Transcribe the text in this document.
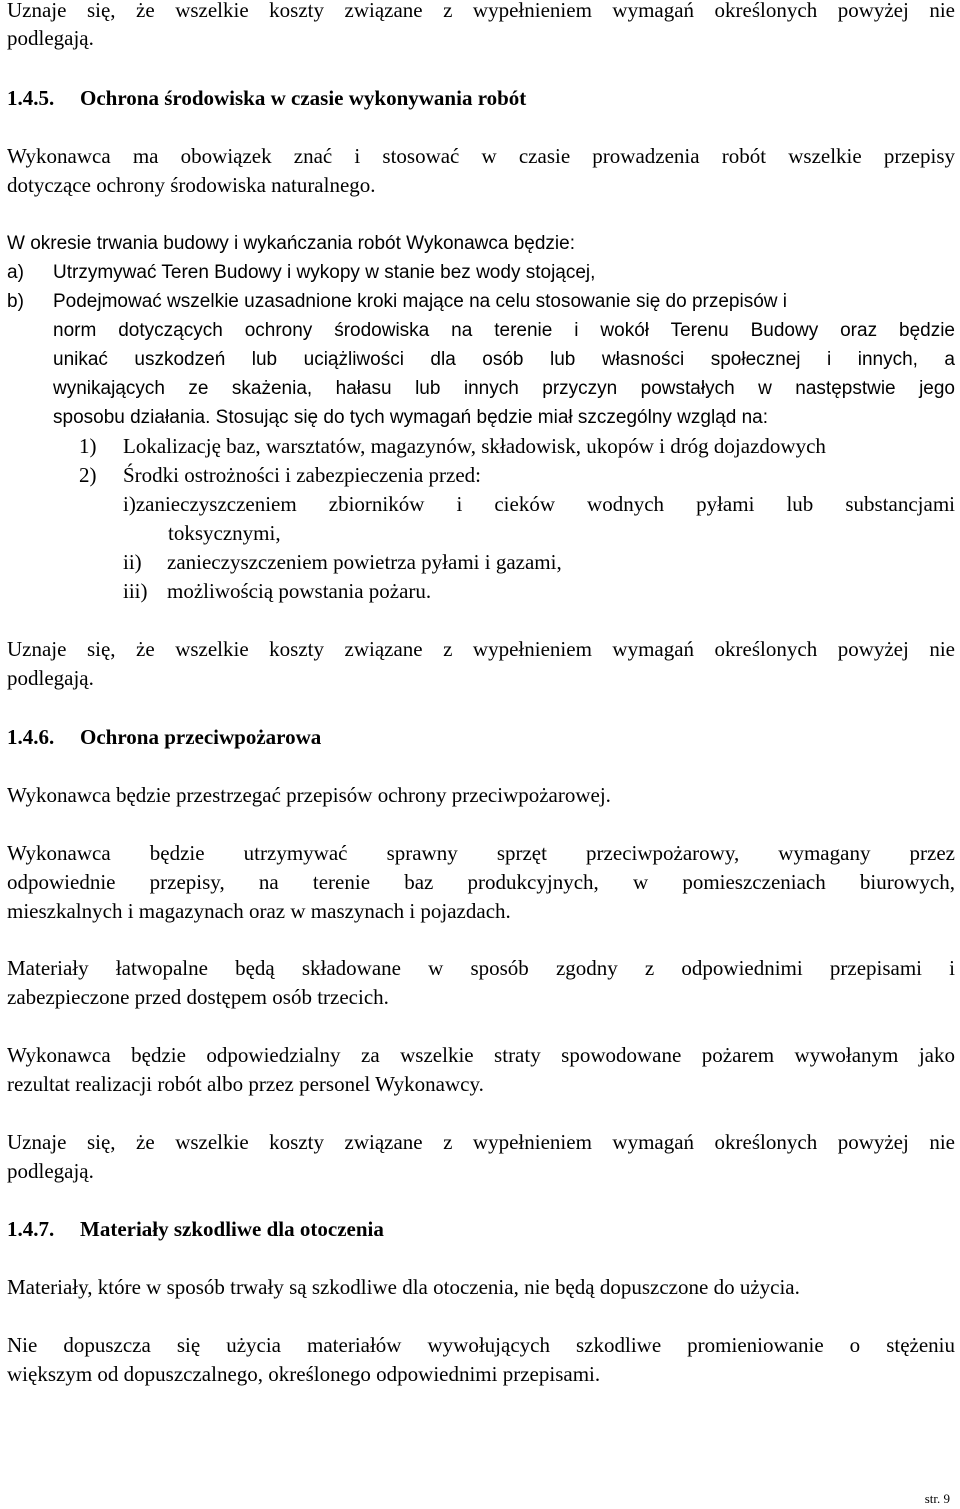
Uznaje się, że wszelkie koszty związane z wypełnieniem wymagań określonych powyżej nie
podlegają.
1.4.5. Ochrona środowiska w czasie wykonywania robót
Wykonawca ma obowiązek znać i stosować w czasie prowadzenia robót wszelkie przepisy
dotyczące ochrony środowiska naturalnego.
W okresie trwania budowy i wykańczania robót Wykonawca będzie:
a) Utrzymywać Teren Budowy i wykopy w stanie bez wody stojącej,
b) Podejmować wszelkie uzasadnione kroki mające na celu stosowanie się do przepisów i
norm dotyczących ochrony środowiska na terenie i wokół Terenu Budowy oraz będzie
unikać uszkodzeń lub uciążliwości dla osób lub własności społecznej i innych, a
wynikających ze skażenia, hałasu lub innych przyczyn powstałych w następstwie jego
sposobu działania. Stosując się do tych wymagań będzie miał szczególny wzgląd na:
1) Lokalizację baz, warsztatów, magazynów, składowisk, ukopów i dróg dojazdowych
2) Środki ostrożności i zabezpieczenia przed:
i)zanieczyszczeniem zbiorników i cieków wodnych pyłami lub substancjami
toksycznymi,
ii) zanieczyszczeniem powietrza pyłami i gazami,
iii) możliwością powstania pożaru.
Uznaje się, że wszelkie koszty związane z wypełnieniem wymagań określonych powyżej nie
podlegają.
1.4.6. Ochrona przeciwpożarowa
Wykonawca będzie przestrzegać przepisów ochrony przeciwpożarowej.
Wykonawca będzie utrzymywać sprawny sprzęt przeciwpożarowy, wymagany przez
odpowiednie przepisy, na terenie baz produkcyjnych, w pomieszczeniach biurowych,
mieszkalnych i magazynach oraz w maszynach i pojazdach.
Materiały łatwopalne będą składowane w sposób zgodny z odpowiednimi przepisami i
zabezpieczone przed dostępem osób trzecich.
Wykonawca będzie odpowiedzialny za wszelkie straty spowodowane pożarem wywołanym jako
rezultat realizacji robót albo przez personel Wykonawcy.
Uznaje się, że wszelkie koszty związane z wypełnieniem wymagań określonych powyżej nie
podlegają.
1.4.7. Materiały szkodliwe dla otoczenia
Materiały, które w sposób trwały są szkodliwe dla otoczenia, nie będą dopuszczone do użycia.
Nie dopuszcza się użycia materiałów wywołujących szkodliwe promieniowanie o stężeniu
większym od dopuszczalnego, określonego odpowiednimi przepisami.
str. 9
